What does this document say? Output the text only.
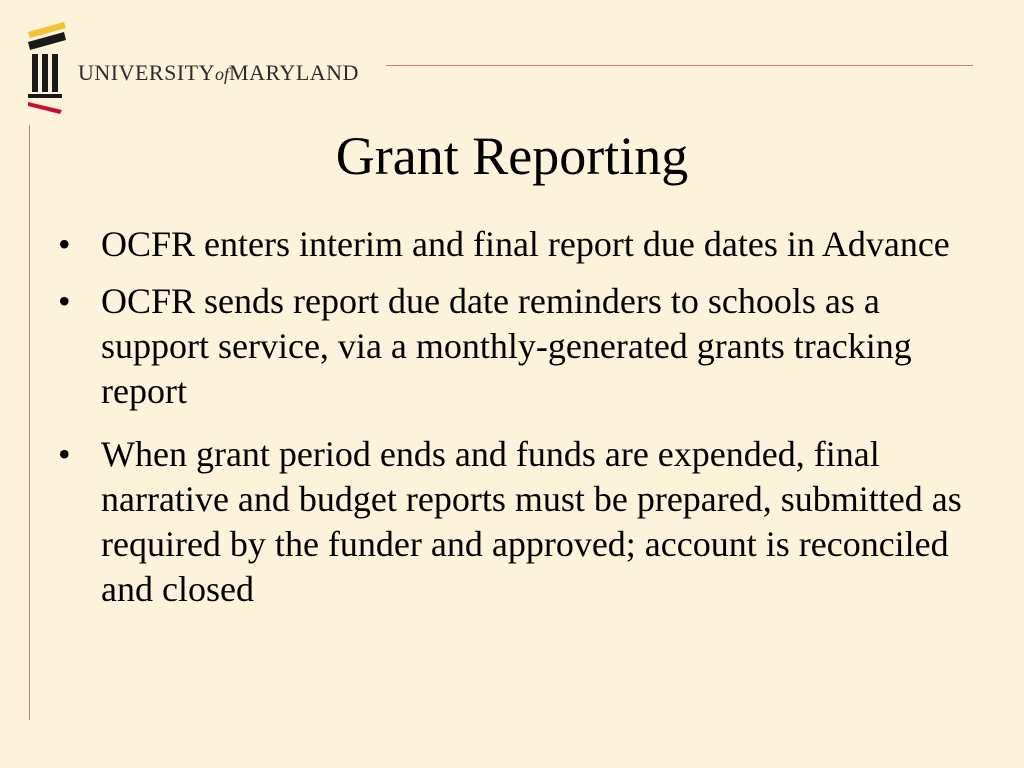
UNIVERSITYofMARYLAND
Grant Reporting
• OCFR enters interim and final report due dates in Advance
• OCFR sends report due date reminders to schools as a support service, via a monthly-generated grants tracking report
• When grant period ends and funds are expended, final narrative and budget reports must be prepared, submitted as required by the funder and approved; account is reconciled and closed
